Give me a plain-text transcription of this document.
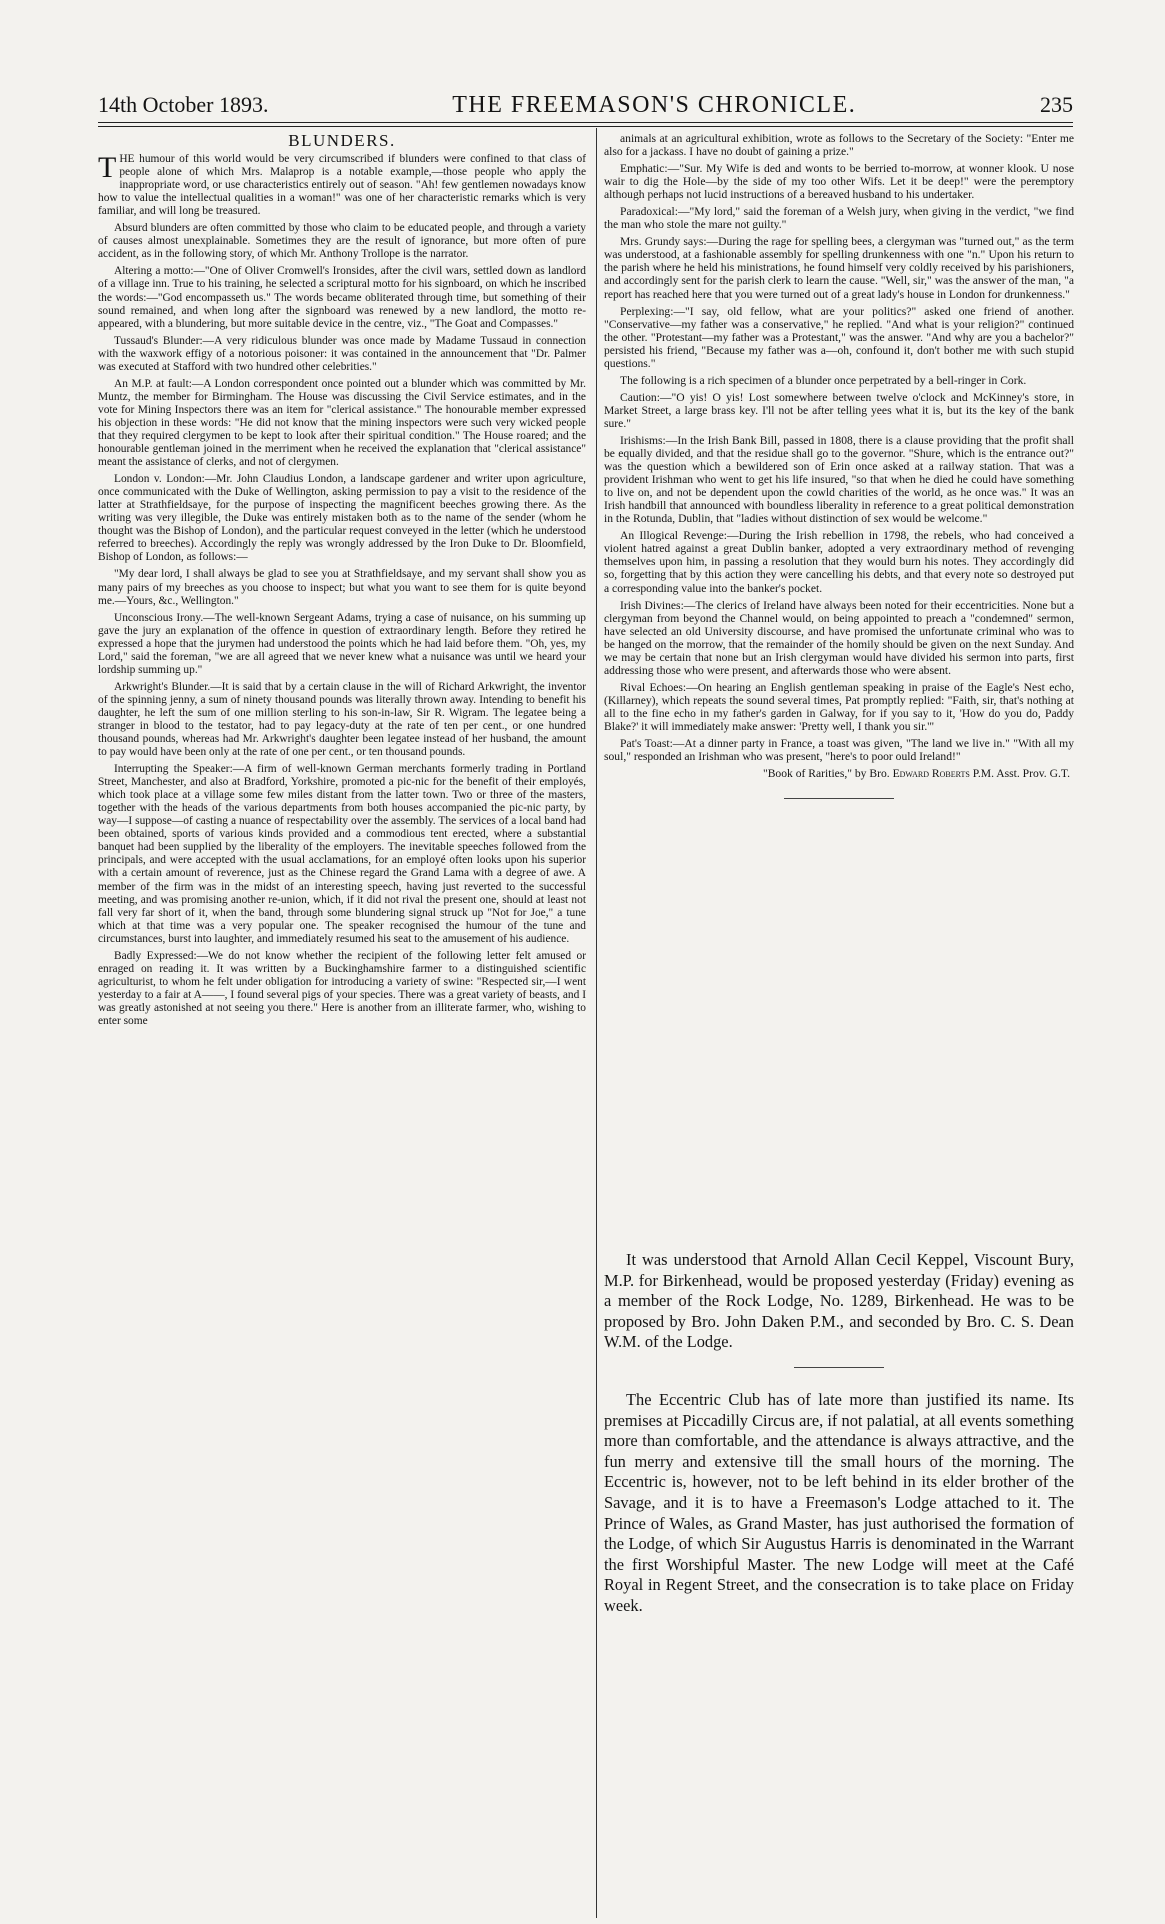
14th October 1893.	THE FREEMASON'S CHRONICLE.	235
BLUNDERS.

THE humour of this world would be very circumscribed if blunders were confined to that class of people alone of which Mrs. Malaprop is a notable example,—those people who apply the inappropriate word, or use characteristics entirely out of season. "Ah! few gentlemen nowadays know how to value the intellectual qualities in a woman!" was one of her characteristic remarks which is very familiar, and will long be treasured.

Absurd blunders are often committed by those who claim to be educated people, and through a variety of causes almost unexplainable. Sometimes they are the result of ignorance, but more often of pure accident, as in the following story, of which Mr. Anthony Trollope is the narrator.

Altering a motto:—"One of Oliver Cromwell's Ironsides, after the civil wars, settled down as landlord of a village inn. True to his training, he selected a scriptural motto for his signboard, on which he inscribed the words:—"God encompasseth us." The words became obliterated through time, but something of their sound remained, and when long after the signboard was renewed by a new landlord, the motto re-appeared, with a blundering, but more suitable device in the centre, viz., "The Goat and Compasses."

Tussaud's Blunder:—A very ridiculous blunder was once made by Madame Tussaud in connection with the waxwork effigy of a notorious poisoner: it was contained in the announcement that "Dr. Palmer was executed at Stafford with two hundred other celebrities."

An M.P. at fault:—A London correspondent once pointed out a blunder which was committed by Mr. Muntz, the member for Birmingham. The House was discussing the Civil Service estimates, and in the vote for Mining Inspectors there was an item for "clerical assistance." The honourable member expressed his objection in these words: "He did not know that the mining inspectors were such very wicked people that they required clergymen to be kept to look after their spiritual condition." The House roared; and the honourable gentleman joined in the merriment when he received the explanation that "clerical assistance" meant the assistance of clerks, and not of clergymen.

London v. London:—Mr. John Claudius London, a landscape gardener and writer upon agriculture, once communicated with the Duke of Wellington, asking permission to pay a visit to the residence of the latter at Strathfieldsaye, for the purpose of inspecting the magnificent beeches growing there. As the writing was very illegible, the Duke was entirely mistaken both as to the name of the sender (whom he thought was the Bishop of London), and the particular request conveyed in the letter (which he understood referred to breeches). Accordingly the reply was wrongly addressed by the Iron Duke to Dr. Bloomfield, Bishop of London, as follows:—

"My dear lord, I shall always be glad to see you at Strathfieldsaye, and my servant shall show you as many pairs of my breeches as you choose to inspect; but what you want to see them for is quite beyond me.—Yours, &c., Wellington."

Unconscious Irony.—The well-known Sergeant Adams, trying a case of nuisance, on his summing up gave the jury an explanation of the offence in question of extraordinary length. Before they retired he expressed a hope that the jurymen had understood the points which he had laid before them. "Oh, yes, my Lord," said the foreman, "we are all agreed that we never knew what a nuisance was until we heard your lordship summing up."

Arkwright's Blunder.—It is said that by a certain clause in the will of Richard Arkwright, the inventor of the spinning jenny, a sum of ninety thousand pounds was literally thrown away. Intending to benefit his daughter, he left the sum of one million sterling to his son-in-law, Sir R. Wigram. The legatee being a stranger in blood to the testator, had to pay legacy-duty at the rate of ten per cent., or one hundred thousand pounds, whereas had Mr. Arkwright's daughter been legatee instead of her husband, the amount to pay would have been only at the rate of one per cent., or ten thousand pounds.

Interrupting the Speaker:—A firm of well-known German merchants formerly trading in Portland Street, Manchester, and also at Bradford, Yorkshire, promoted a pic-nic for the benefit of their employés, which took place at a village some few miles distant from the latter town. Two or three of the masters, together with the heads of the various departments from both houses accompanied the pic-nic party, by way—I suppose—of casting a nuance of respectability over the assembly. The services of a local band had been obtained, sports of various kinds provided and a commodious tent erected, where a substantial banquet had been supplied by the liberality of the employers. The inevitable speeches followed from the principals, and were accepted with the usual acclamations, for an employé often looks upon his superior with a certain amount of reverence, just as the Chinese regard the Grand Lama with a degree of awe. A member of the firm was in the midst of an interesting speech, having just reverted to the successful meeting, and was promising another re-union, which, if it did not rival the present one, should at least not fall very far short of it, when the band, through some blundering signal struck up "Not for Joe," a tune which at that time was a very popular one. The speaker recognised the humour of the tune and circumstances, burst into laughter, and immediately resumed his seat to the amusement of his audience.

Badly Expressed:—We do not know whether the recipient of the following letter felt amused or enraged on reading it. It was written by a Buckinghamshire farmer to a distinguished scientific agriculturist, to whom he felt under obligation for introducing a variety of swine: "Respected sir,—I went yesterday to a fair at A——, I found several pigs of your species. There was a great variety of beasts, and I was greatly astonished at not seeing you there." Here is another from an illiterate farmer, who, wishing to enter some

animals at an agricultural exhibition, wrote as follows to the Secretary of the Society: "Enter me also for a jackass. I have no doubt of gaining a prize."

Emphatic:—"Sur. My Wife is ded and wonts to be berried to-morrow, at wonner klook. U nose wair to dig the Hole—by the side of my too other Wifs. Let it be deep!" were the peremptory although perhaps not lucid instructions of a bereaved husband to his undertaker.

Paradoxical:—"My lord," said the foreman of a Welsh jury, when giving in the verdict, "we find the man who stole the mare not guilty."

Mrs. Grundy says:—During the rage for spelling bees, a clergyman was "turned out," as the term was understood, at a fashionable assembly for spelling drunkenness with one "n." Upon his return to the parish where he held his ministrations, he found himself very coldly received by his parishioners, and accordingly sent for the parish clerk to learn the cause. "Well, sir," was the answer of the man, "a report has reached here that you were turned out of a great lady's house in London for drunkenness."

Perplexing:—"I say, old fellow, what are your politics?" asked one friend of another. "Conservative—my father was a conservative," he replied. "And what is your religion?" continued the other. "Protestant—my father was a Protestant," was the answer. "And why are you a bachelor?" persisted his friend, "Because my father was a—oh, confound it, don't bother me with such stupid questions."

The following is a rich specimen of a blunder once perpetrated by a bell-ringer in Cork.

Caution:—"O yis! O yis! Lost somewhere between twelve o'clock and McKinney's store, in Market Street, a large brass key. I'll not be after telling yees what it is, but its the key of the bank sure."

Irishisms:—In the Irish Bank Bill, passed in 1808, there is a clause providing that the profit shall be equally divided, and that the residue shall go to the governor. "Shure, which is the entrance out?" was the question which a bewildered son of Erin once asked at a railway station. That was a provident Irishman who went to get his life insured, "so that when he died he could have something to live on, and not be dependent upon the cowld charities of the world, as he once was." It was an Irish handbill that announced with boundless liberality in reference to a great political demonstration in the Rotunda, Dublin, that "ladies without distinction of sex would be welcome."

An Illogical Revenge:—During the Irish rebellion in 1798, the rebels, who had conceived a violent hatred against a great Dublin banker, adopted a very extraordinary method of revenging themselves upon him, in passing a resolution that they would burn his notes. They accordingly did so, forgetting that by this action they were cancelling his debts, and that every note so destroyed put a corresponding value into the banker's pocket.

Irish Divines:—The clerics of Ireland have always been noted for their eccentricities. None but a clergyman from beyond the Channel would, on being appointed to preach a "condemned" sermon, have selected an old University discourse, and have promised the unfortunate criminal who was to be hanged on the morrow, that the remainder of the homily should be given on the next Sunday. And we may be certain that none but an Irish clergyman would have divided his sermon into parts, first addressing those who were present, and afterwards those who were absent.

Rival Echoes:—On hearing an English gentleman speaking in praise of the Eagle's Nest echo, (Killarney), which repeats the sound several times, Pat promptly replied: "Faith, sir, that's nothing at all to the fine echo in my father's garden in Galway, for if you say to it, 'How do you do, Paddy Blake?' it will immediately make answer: 'Pretty well, I thank you sir.'"

Pat's Toast:—At a dinner party in France, a toast was given, "The land we live in." "With all my soul," responded an Irishman who was present, "here's to poor ould Ireland!"

"Book of Rarities," by Bro. Edward Roberts P.M. Asst. Prov. G.T.

It was understood that Arnold Allan Cecil Keppel, Viscount Bury, M.P. for Birkenhead, would be proposed yesterday (Friday) evening as a member of the Rock Lodge, No. 1289, Birkenhead. He was to be proposed by Bro. John Daken P.M., and seconded by Bro. C. S. Dean W.M. of the Lodge.

The Eccentric Club has of late more than justified its name. Its premises at Piccadilly Circus are, if not palatial, at all events something more than comfortable, and the attendance is always attractive, and the fun merry and extensive till the small hours of the morning. The Eccentric is, however, not to be left behind in its elder brother of the Savage, and it is to have a Freemason's Lodge attached to it. The Prince of Wales, as Grand Master, has just authorised the formation of the Lodge, of which Sir Augustus Harris is denominated in the Warrant the first Worshipful Master. The new Lodge will meet at the Café Royal in Regent Street, and the consecration is to take place on Friday week.
